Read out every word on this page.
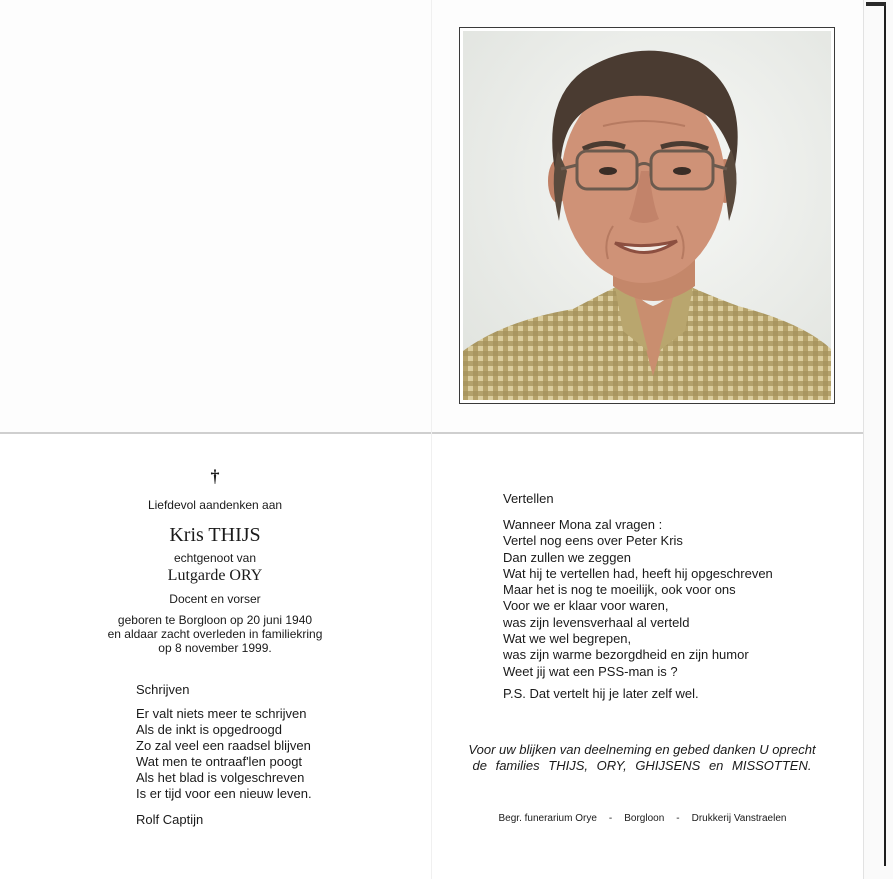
†
Liefdevol aandenken aan
Kris THIJS
echtgenoot van
Lutgarde ORY
Docent en vorser
geboren te Borgloon op 20 juni 1940
en aldaar zacht overleden in familiekring
op 8 november 1999.
Schrijven
Er valt niets meer te schrijven
Als de inkt is opgedroogd
Zo zal veel een raadsel blijven
Wat men te ontraaf'len poogt
Als het blad is volgeschreven
Is er tijd voor een nieuw leven.
Rolf Captijn
Vertellen
Wanneer Mona zal vragen :
Vertel nog eens over Peter Kris
Dan zullen we zeggen
Wat hij te vertellen had, heeft hij opgeschreven
Maar het is nog te moeilijk, ook voor ons
Voor we er klaar voor waren,
was zijn levensverhaal al verteld
Wat we wel begrepen,
was zijn warme bezorgdheid en zijn humor
Weet jij wat een PSS-man is ?
P.S. Dat vertelt hij je later zelf wel.
Voor uw blijken van deelneming en gebed danken U oprecht
de families THIJS, ORY, GHIJSENS en MISSOTTEN.
Begr. funerarium Orye - Borgloon - Drukkerij Vanstraelen
